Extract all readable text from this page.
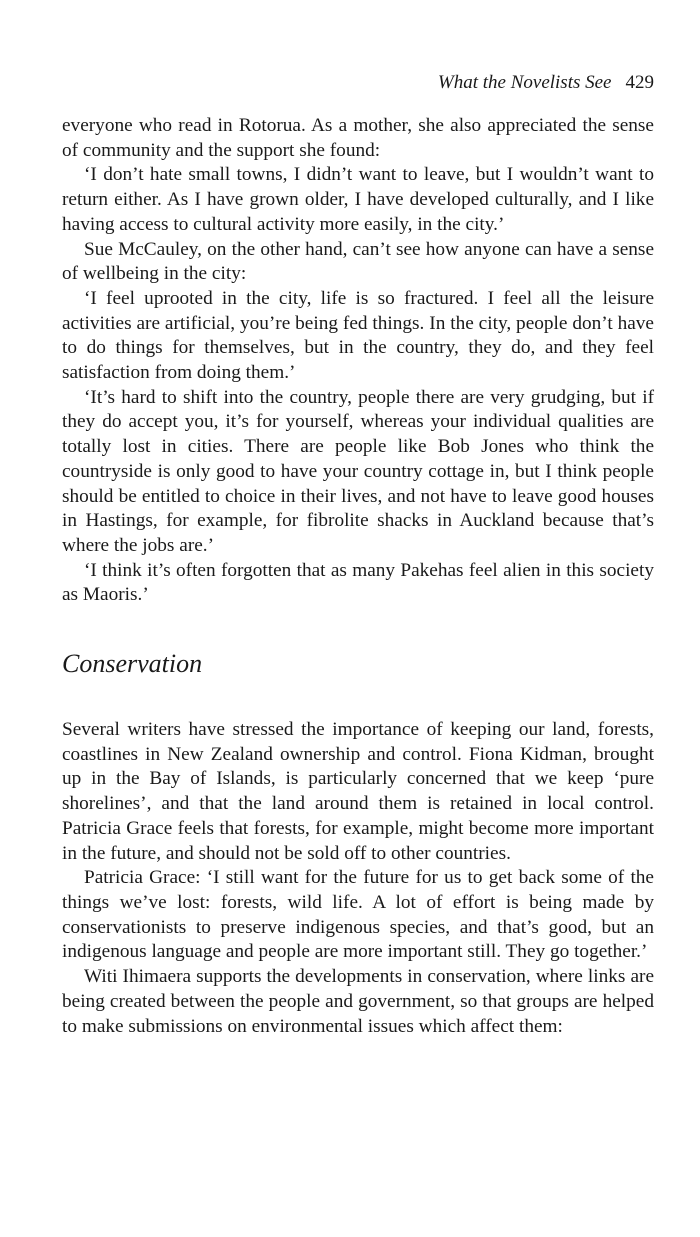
What the Novelists See 429

everyone who read in Rotorua. As a mother, she also appreciated the sense of community and the support she found:

‘I don’t hate small towns, I didn’t want to leave, but I wouldn’t want to return either. As I have grown older, I have developed culturally, and I like having access to cultural activity more easily, in the city.’

Sue McCauley, on the other hand, can’t see how anyone can have a sense of wellbeing in the city:

‘I feel uprooted in the city, life is so fractured. I feel all the leisure activities are artificial, you’re being fed things. In the city, people don’t have to do things for themselves, but in the country, they do, and they feel satisfaction from doing them.’

‘It’s hard to shift into the country, people there are very grudging, but if they do accept you, it’s for yourself, whereas your individual qualities are totally lost in cities. There are people like Bob Jones who think the countryside is only good to have your country cottage in, but I think people should be entitled to choice in their lives, and not have to leave good houses in Hastings, for example, for fibrolite shacks in Auckland because that’s where the jobs are.’

‘I think it’s often forgotten that as many Pakehas feel alien in this society as Maoris.’

Conservation

Several writers have stressed the importance of keeping our land, forests, coastlines in New Zealand ownership and control. Fiona Kidman, brought up in the Bay of Islands, is particularly concerned that we keep ‘pure shorelines’, and that the land around them is retained in local control. Patricia Grace feels that forests, for example, might become more important in the future, and should not be sold off to other countries.

Patricia Grace: ‘I still want for the future for us to get back some of the things we’ve lost: forests, wild life. A lot of effort is being made by conservationists to preserve indigenous species, and that’s good, but an indigenous language and people are more important still. They go together.’

Witi Ihimaera supports the developments in conservation, where links are being created between the people and government, so that groups are helped to make submissions on environmental issues which affect them:
